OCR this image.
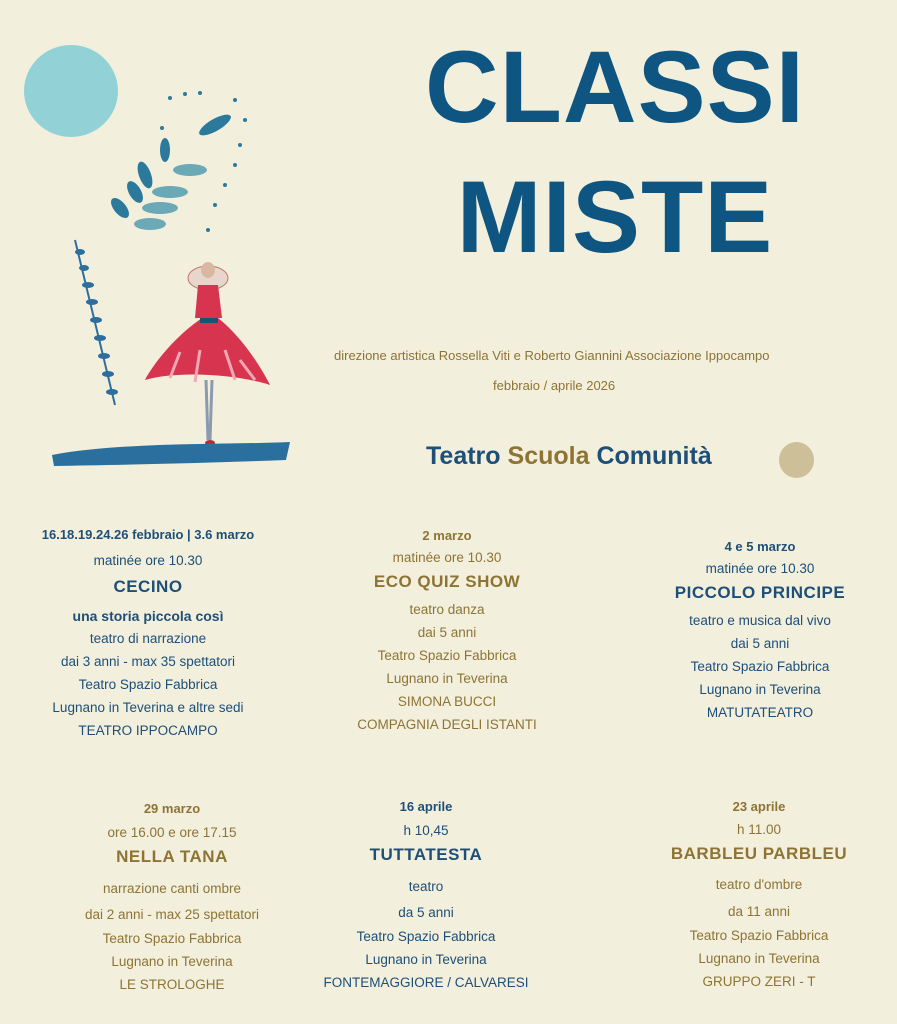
CLASSI
MISTE
direzione artistica Rossella Viti e Roberto Giannini Associazione Ippocampo
febbraio / aprile 2026
Teatro Scuola Comunità
16.18.19.24.26 febbraio | 3.6 marzo
matinée ore 10.30
CECINO
una storia piccola così
teatro di narrazione
dai 3 anni - max 35 spettatori
Teatro Spazio Fabbrica
Lugnano in Teverina e altre sedi
TEATRO IPPOCAMPO
2 marzo
matinée ore 10.30
ECO QUIZ SHOW
teatro danza
dai 5 anni
Teatro Spazio Fabbrica
Lugnano in Teverina
SIMONA BUCCI
COMPAGNIA DEGLI ISTANTI
4 e 5 marzo
matinée ore 10.30
PICCOLO PRINCIPE
teatro e musica dal vivo
dai 5 anni
Teatro Spazio Fabbrica
Lugnano in Teverina
MATUTATEATRO
29 marzo
ore 16.00 e ore 17.15
NELLA TANA
narrazione canti ombre
dai 2 anni - max 25 spettatori
Teatro Spazio Fabbrica
Lugnano in Teverina
LE STROLOGHE
16 aprile
h 10,45
TUTTATESTA
teatro
da 5 anni
Teatro Spazio Fabbrica
Lugnano in Teverina
FONTEMAGGIORE / CALVARESI
23 aprile
h 11.00
BARBLEU PARBLEU
teatro d'ombre
da 11 anni
Teatro Spazio Fabbrica
Lugnano in Teverina
GRUPPO ZERI - T
